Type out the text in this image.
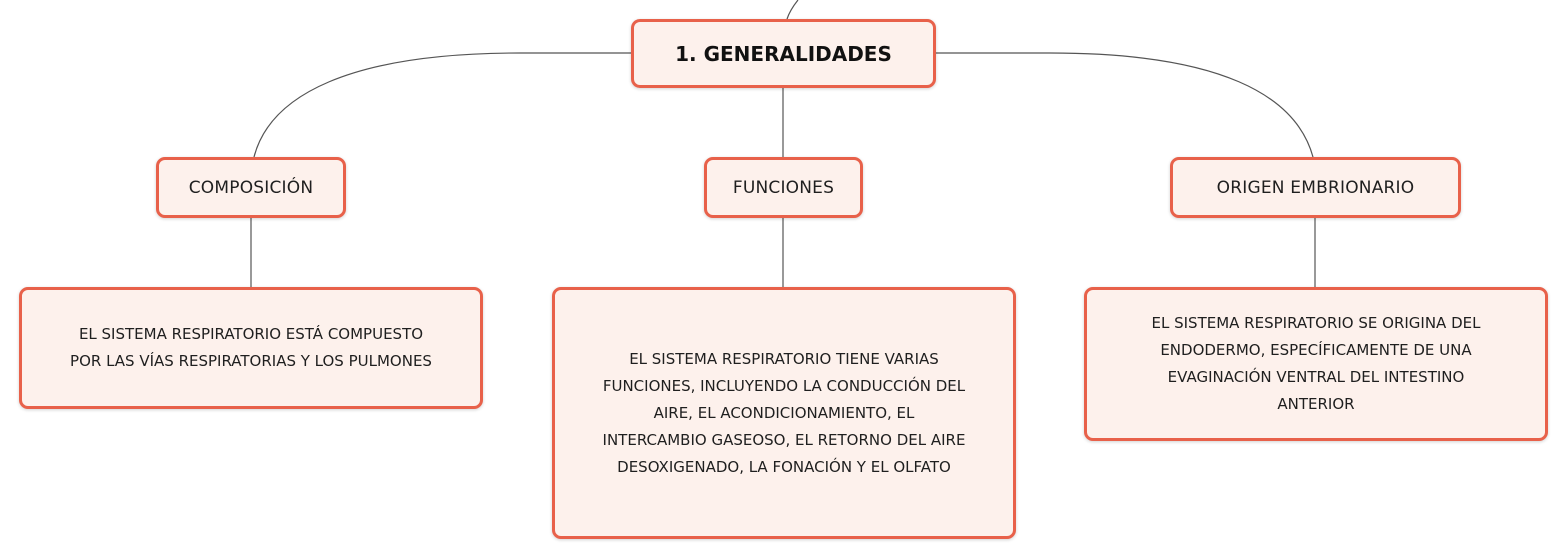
1. GENERALIDADES
COMPOSICIÓN	FUNCIONES	ORIGEN EMBRIONARIO
EL SISTEMA RESPIRATORIO ESTÁ COMPUESTO
POR LAS VÍAS RESPIRATORIAS Y LOS PULMONES	EL SISTEMA RESPIRATORIO TIENE VARIAS
FUNCIONES, INCLUYENDO LA CONDUCCIÓN DEL
AIRE, EL ACONDICIONAMIENTO, EL
INTERCAMBIO GASEOSO, EL RETORNO DEL AIRE
DESOXIGENADO, LA FONACIÓN Y EL OLFATO
EL SISTEMA RESPIRATORIO SE ORIGINA DEL
ENDODERMO, ESPECÍFICAMENTE DE UNA
EVAGINACIÓN VENTRAL DEL INTESTINO
ANTERIOR
